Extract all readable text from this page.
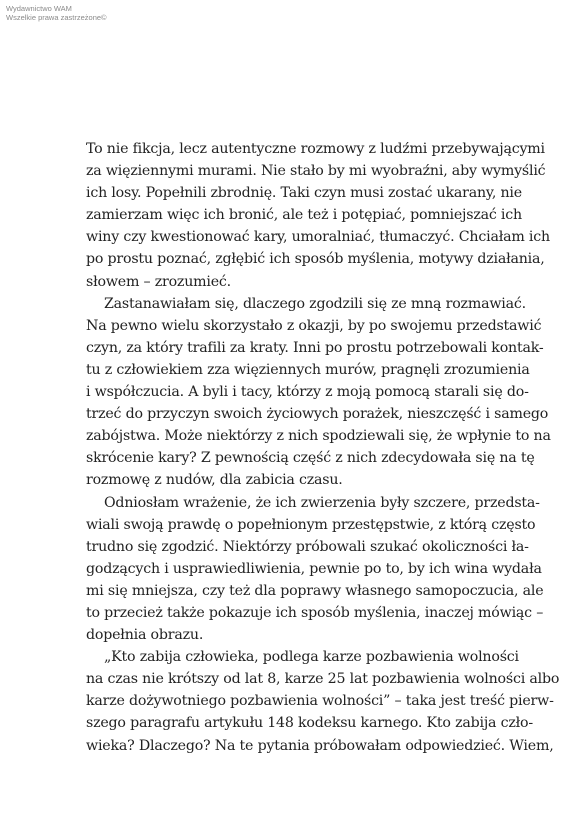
Wydawnictwo WAM
Wszelkie prawa zastrzeżone©
To nie fikcja, lecz autentyczne rozmowy z ludźmi przebywającymi
za więziennymi murami. Nie stało by mi wyobraźni, aby wymyślić
ich losy. Popełnili zbrodnię. Taki czyn musi zostać ukarany, nie
zamierzam więc ich bronić, ale też i potępiać, pomniejszać ich
winy czy kwestionować kary, umoralniać, tłumaczyć. Chciałam ich
po prostu poznać, zgłębić ich sposób myślenia, motywy działania,
słowem – zrozumieć.
Zastanawiałam się, dlaczego zgodzili się ze mną rozmawiać.
Na pewno wielu skorzystało z okazji, by po swojemu przedstawić
czyn, za który trafili za kraty. Inni po prostu potrzebowali kontak-
tu z człowiekiem zza więziennych murów, pragnęli zrozumienia
i współczucia. A byli i tacy, którzy z moją pomocą starali się do-
trzeć do przyczyn swoich życiowych porażek, nieszczęść i samego
zabójstwa. Może niektórzy z nich spodziewali się, że wpłynie to na
skrócenie kary? Z pewnością część z nich zdecydowała się na tę
rozmowę z nudów, dla zabicia czasu.
Odniosłam wrażenie, że ich zwierzenia były szczere, przedsta-
wiali swoją prawdę o popełnionym przestępstwie, z którą często
trudno się zgodzić. Niektórzy próbowali szukać okoliczności ła-
godzących i usprawiedliwienia, pewnie po to, by ich wina wydała
mi się mniejsza, czy też dla poprawy własnego samopoczucia, ale
to przecież także pokazuje ich sposób myślenia, inaczej mówiąc –
dopełnia obrazu.
„Kto zabija człowieka, podlega karze pozbawienia wolności
na czas nie krótszy od lat 8, karze 25 lat pozbawienia wolności albo
karze dożywotniego pozbawienia wolności” – taka jest treść pierw-
szego paragrafu artykułu 148 kodeksu karnego. Kto zabija czło-
wieka? Dlaczego? Na te pytania próbowałam odpowiedzieć. Wiem,
